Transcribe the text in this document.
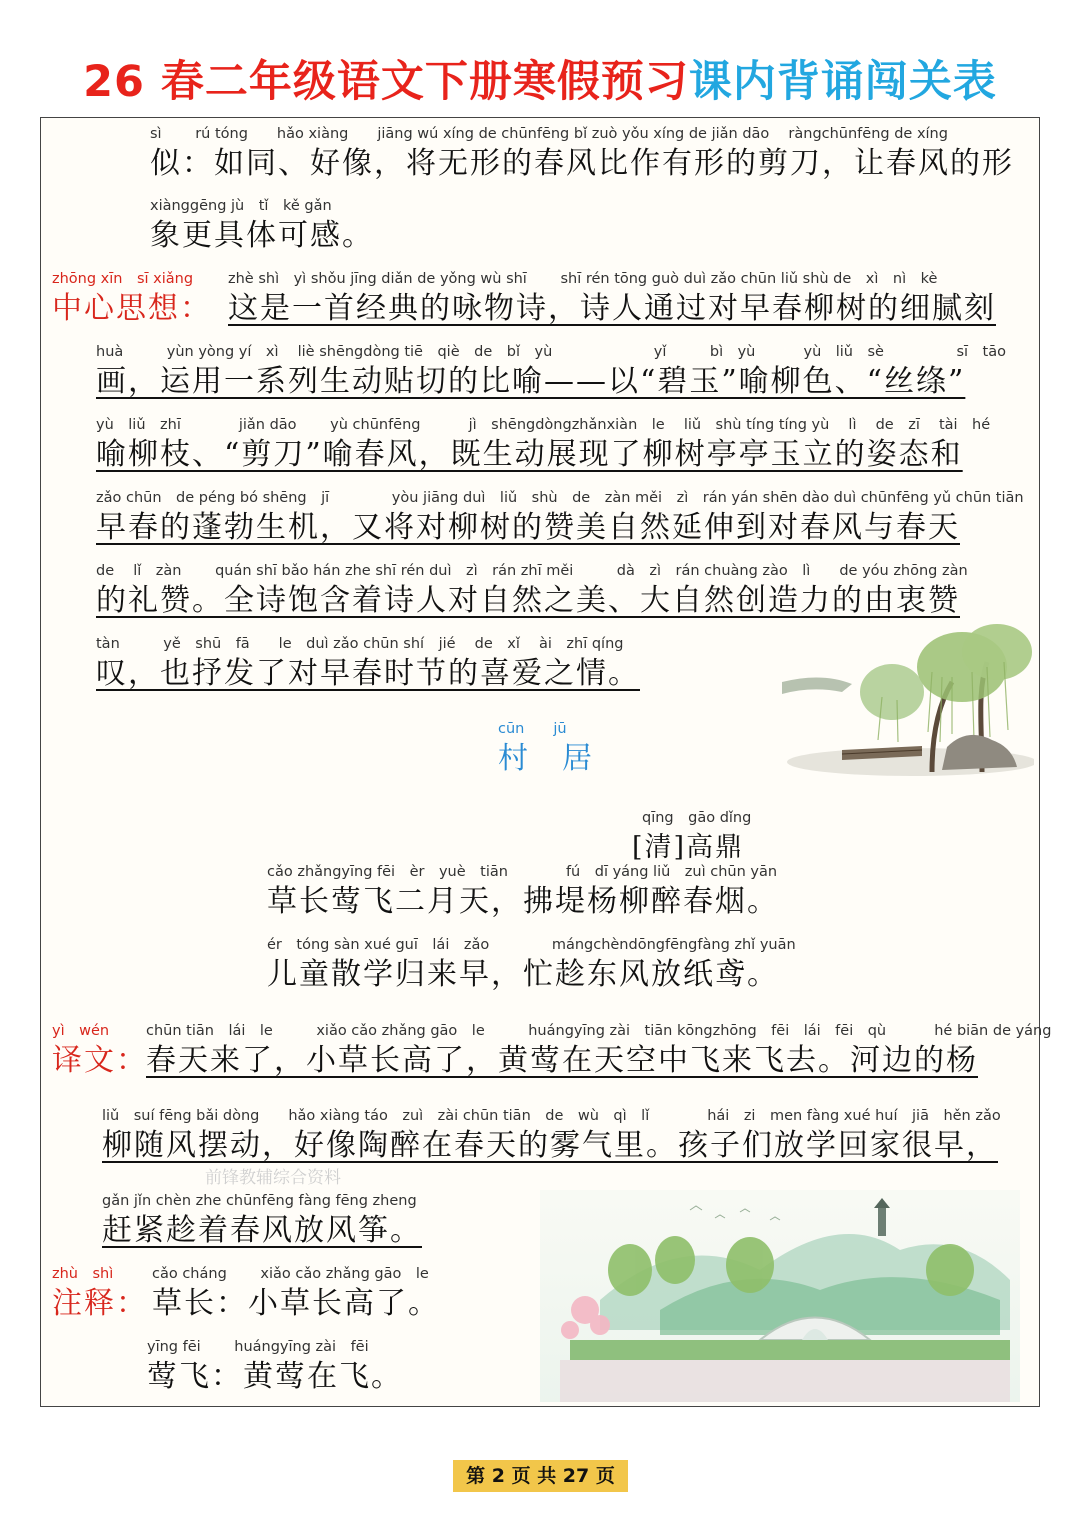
26 春二年级语文下册寒假预习课内背诵闯关表
sì　　 rú tóng　　hǎo xiàng　　jiāng wú xíng de chūnfēng bǐ zuò yǒu xíng de jiǎn dāo　 ràngchūnfēng de xíng
似：如同、好像，将无形的春风比作有形的剪刀，让春风的形
xiànggēng jù　tǐ　kě gǎn
象更具体可感。
zhōng xīn　sī xiǎng
中心思想：
zhè shì　yì shǒu jīng diǎn de yǒng wù shī　　 shī rén tōng guò duì zǎo chūn liǔ shù de　xì　nì　kè
这是一首经典的咏物诗，诗人通过对早春柳树的细腻刻
huà　　　yùn yòng yí　xì　 liè shēngdòng tiē　qiè　de　bǐ　yù　　　　　　　yǐ　　　bì　yù　　　 yù　liǔ　sè　　　　　sī　tāo
画，运用一系列生动贴切的比喻——以“碧玉”喻柳色、“丝绦”
yù　liǔ　zhī　　　　jiǎn dāo　　 yù chūnfēng　　　 jì　shēngdòngzhǎnxiàn　le　 liǔ　shù tíng tíng yù　 lì　 de　zī　 tài　hé
喻柳枝、“剪刀”喻春风，既生动展现了柳树亭亭玉立的姿态和
zǎo chūn　de péng bó shēng　jī　　　　 yòu jiāng duì　liǔ　shù　de　zàn měi　zì　rán yán shēn dào duì chūnfēng yǔ chūn tiān
早春的蓬勃生机，又将对柳树的赞美自然延伸到对春风与春天
de　 lǐ　zàn　　 quán shī bǎo hán zhe shī rén duì　zì　rán zhī měi　　　dà　zì　rán chuàng zào　lì　　de yóu zhōng zàn
的礼赞。全诗饱含着诗人对自然之美、大自然创造力的由衷赞
tàn　　　yě　shū　fā　　le　duì zǎo chūn shí　jié　 de　xǐ　 ài　zhī qíng
叹，也抒发了对早春时节的喜爱之情。
cūn　　jū
村　居
qīng　gāo dǐng
[清]高鼎
cǎo zhǎngyīng fēi　èr　yuè　tiān　　　　fú　dī yáng liǔ　zuì chūn yān
草长莺飞二月天，拂堤杨柳醉春烟。
ér　tóng sàn xué guī　lái　zǎo　　　　 mángchèndōngfēngfàng zhǐ yuān
儿童散学归来早，忙趁东风放纸鸢。
yì　wén
译文：
chūn tiān　lái　le　　　xiǎo cǎo zhǎng gāo　le　　　huángyīng zài　tiān kōngzhōng　fēi　lái　fēi　qù　　　 hé biān de yáng
春天来了，小草长高了，黄莺在天空中飞来飞去。河边的杨
liǔ　suí fēng bǎi dòng　　hǎo xiàng táo　zuì　zài chūn tiān　de　wù　qì　lǐ　　　　hái　zi　men fàng xué huí　jiā　hěn zǎo
柳随风摆动，好像陶醉在春天的雾气里。孩子们放学回家很早，
前锋教辅综合资料
gǎn jǐn chèn zhe chūnfēng fàng fēng zheng
赶紧趁着春风放风筝。
zhù　shì
注释：
cǎo cháng　　 xiǎo cǎo zhǎng gāo　le
草长：小草长高了。
yīng fēi　　 huángyīng zài　fēi
莺飞：黄莺在飞。
第 2 页 共 27 页
